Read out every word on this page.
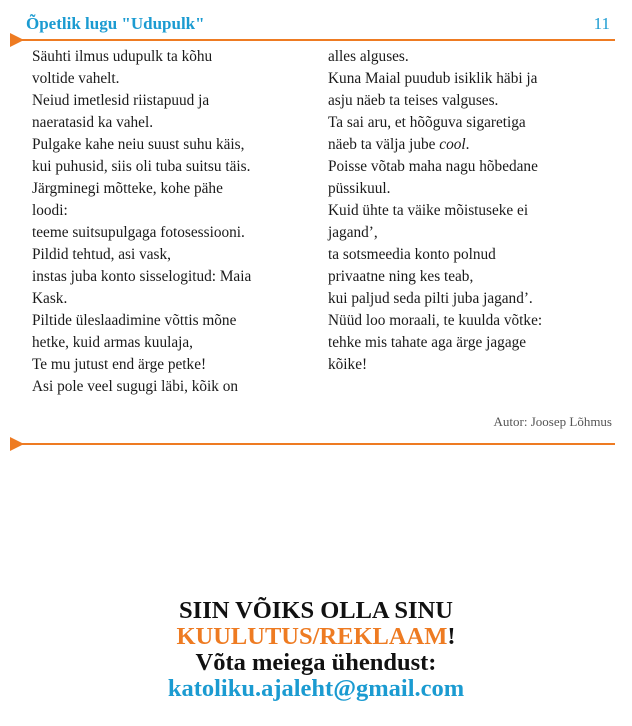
Õpetlik lugu "Udupulk"	11
Säuhti ilmus udupulk ta kõhu
voltide vahelt.
Neiud imetlesid riistapuud ja
naeratasid ka vahel.
Pulgake kahe neiu suust suhu käis,
kui puhusid, siis oli tuba suitsu täis.
Järgminegi mõtteke, kohe pähe
loodi:
teeme suitsupulgaga fotosessiooni.
Pildid tehtud, asi vask,
instas juba konto sisselogitud: Maia
Kask.
Piltide üleslaadimine võttis mõne
hetke, kuid armas kuulaja,
Te mu jutust end ärge petke!
Asi pole veel sugugi läbi, kõik on
alles alguses.
Kuna Maial puudub isiklik häbi ja
asju näeb ta teises valguses.
Ta sai aru, et hõõguva sigaretiga
näeb ta välja jube cool.
Poisse võtab maha nagu hõbedane
püssikuul.
Kuid ühte ta väike mõistuseke ei
jagand’,
ta sotsmeedia konto polnud
privaatne ning kes teab,
kui paljud seda pilti juba jagand’.
Nüüd loo moraali, te kuulda võtke:
tehke mis tahate aga ärge jagage
kõike!
Autor: Joosep Lõhmus
SIIN VÕIKS OLLA SINU
KUULUTUS/REKLAAM!
Võta meiega ühendust:
katoliku.ajaleht@gmail.com
